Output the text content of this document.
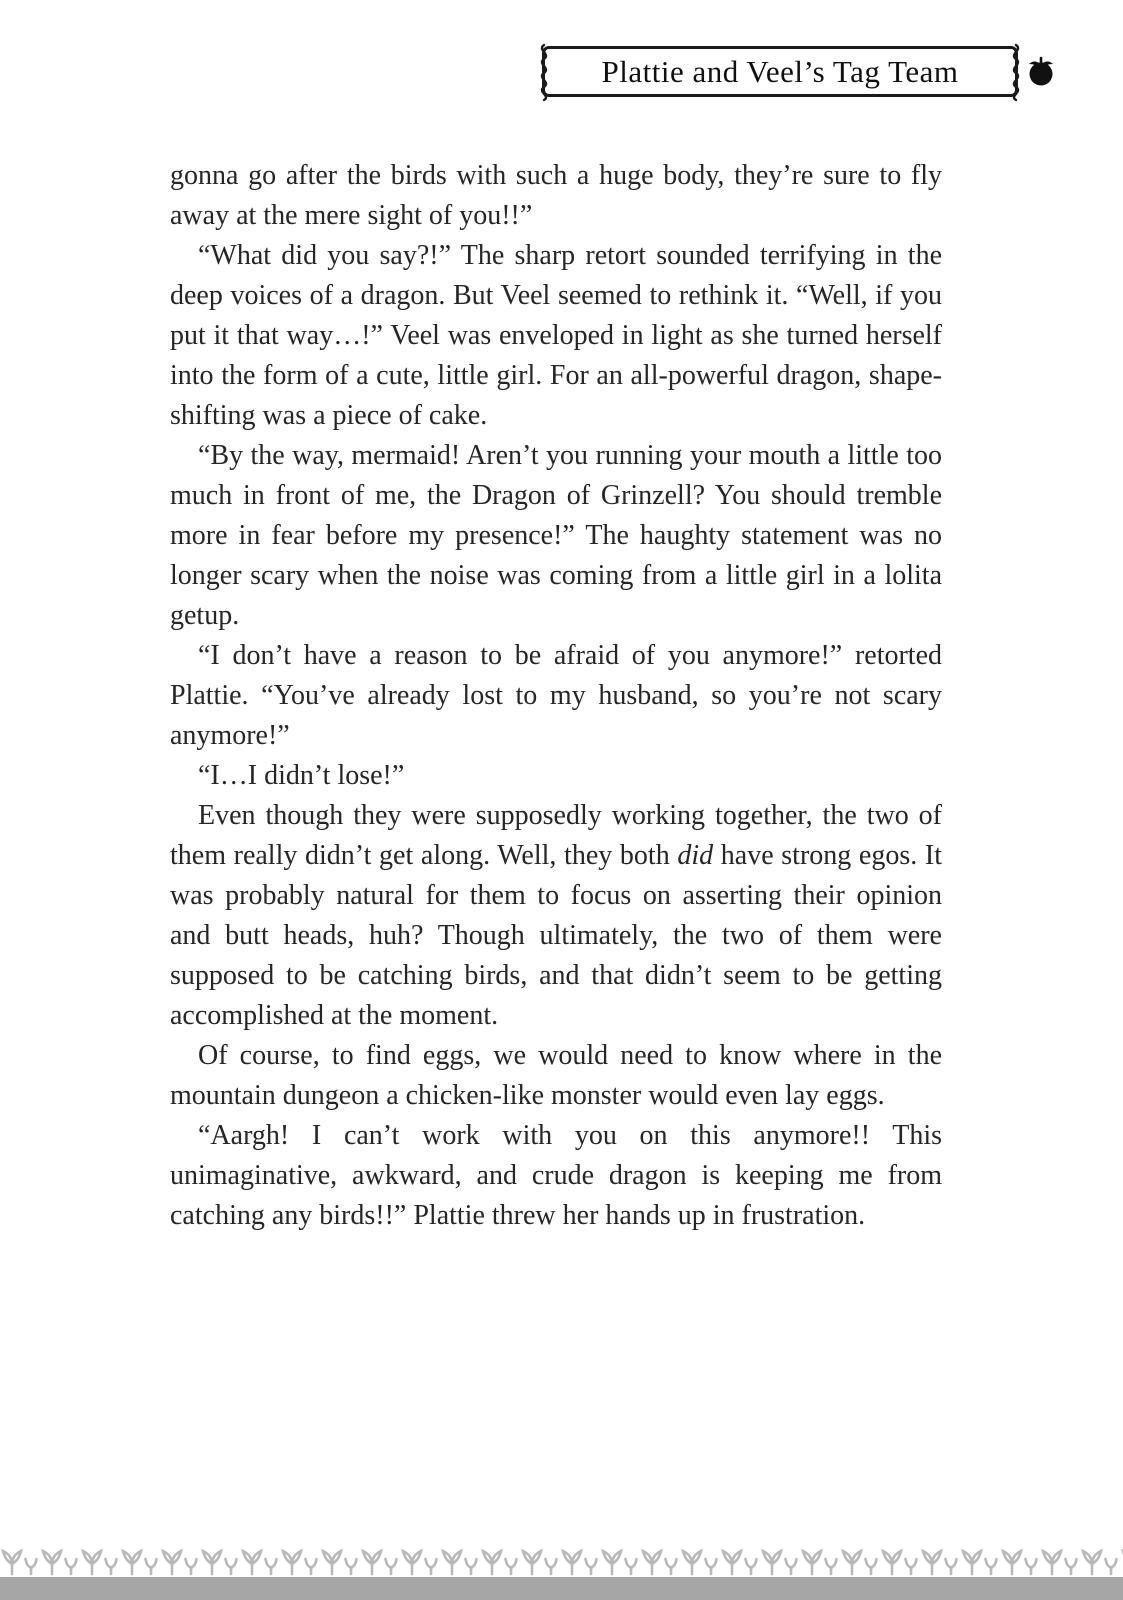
Plattie and Veel’s Tag Team

gonna go after the birds with such a huge body, they’re sure to fly away at the mere sight of you!!”

“What did you say?!” The sharp retort sounded terrifying in the deep voices of a dragon. But Veel seemed to rethink it. “Well, if you put it that way…!” Veel was enveloped in light as she turned herself into the form of a cute, little girl. For an all-powerful dragon, shape-shifting was a piece of cake.

“By the way, mermaid! Aren’t you running your mouth a little too much in front of me, the Dragon of Grinzell? You should tremble more in fear before my presence!” The haughty statement was no longer scary when the noise was coming from a little girl in a lolita getup.

“I don’t have a reason to be afraid of you anymore!” retorted Plattie. “You’ve already lost to my husband, so you’re not scary anymore!”

“I…I didn’t lose!”

Even though they were supposedly working together, the two of them really didn’t get along. Well, they both did have strong egos. It was probably natural for them to focus on asserting their opinion and butt heads, huh? Though ultimately, the two of them were supposed to be catching birds, and that didn’t seem to be getting accomplished at the moment.

Of course, to find eggs, we would need to know where in the mountain dungeon a chicken-like monster would even lay eggs.

“Aargh! I can’t work with you on this anymore!! This unimaginative, awkward, and crude dragon is keeping me from catching any birds!!” Plattie threw her hands up in frustration.
